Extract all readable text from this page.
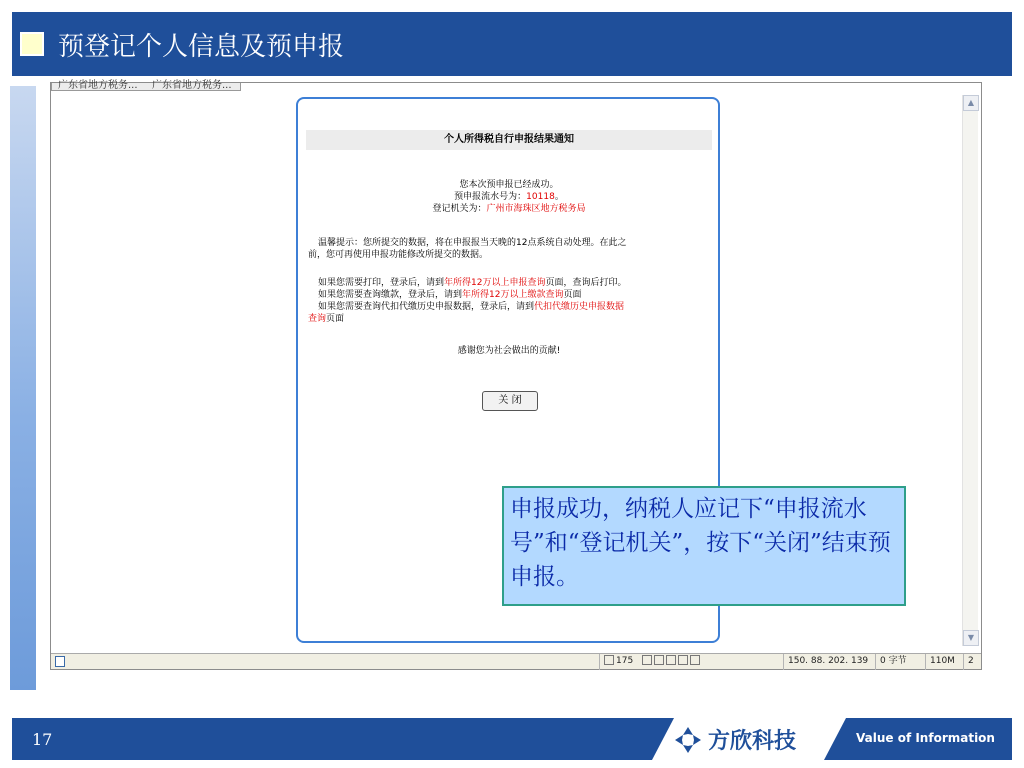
预登记个人信息及预申报
广东省地方税务... 广东省地方税务...
▲
▼
175	150. 88. 202. 139	0 字节	110M	2
个人所得税自行申报结果通知
您本次预申报已经成功。
预申报流水号为：10118。
登记机关为：广州市海珠区地方税务局
温馨提示：您所提交的数据，将在申报报当天晚的12点系统自动处理。在此之
前，您可再使用申报功能修改所提交的数据。
如果您需要打印，登录后，请到年所得12万以上申报查询页面，查询后打印。
如果您需要查询缴款，登录后，请到年所得12万以上缴款查询页面
如果您需要查询代扣代缴历史申报数据，登录后，请到代扣代缴历史申报数据
查询页面
感谢您为社会做出的贡献!
关 闭
申报成功，纳税人应记下“申报流水号”和“登记机关”，按下“关闭”结束预申报。
17	方欣科技	Value of Information
